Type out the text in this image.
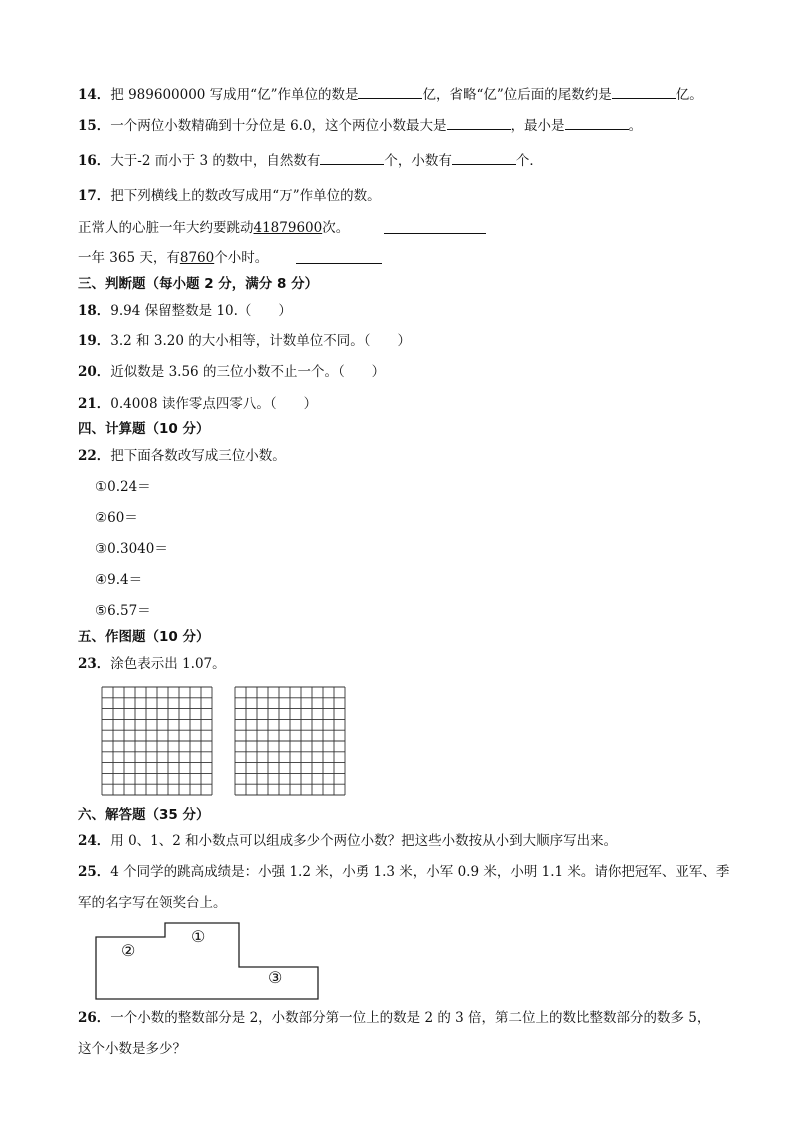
14．把 989600000 写成用“亿”作单位的数是	亿，省略“亿”位后面的尾数约是	亿。
15．一个两位小数精确到十分位是 6.0，这个两位小数最大是	，最小是	。
16．大于-2 而小于 3 的数中，自然数有	个，小数有	个．
17．把下列横线上的数改写成用“万”作单位的数。
正常人的心脏一年大约要跳动41879600次。
一年 365 天，有8760个小时。
三、判断题（每小题 2 分，满分 8 分）
18．9.94 保留整数是 10.（　　）
19．3.2 和 3.20 的大小相等，计数单位不同。（　　）
20．近似数是 3.56 的三位小数不止一个。（　　）
21．0.4008 读作零点四零八。（　　）
四、计算题（10 分）
22．把下面各数改写成三位小数。
①0.24＝
②60＝
③0.3040＝
④9.4＝
⑤6.57＝
五、作图题（10 分）
23．涂色表示出 1.07。
六、解答题（35 分）
24．用 0、1、2 和小数点可以组成多少个两位小数？把这些小数按从小到大顺序写出来。
25．4 个同学的跳高成绩是：小强 1.2 米，小勇 1.3 米，小军 0.9 米，小明 1.1 米。请你把冠军、亚军、季
军的名字写在领奖台上。
②
①
③
26．一个小数的整数部分是 2，小数部分第一位上的数是 2 的 3 倍，第二位上的数比整数部分的数多 5，
这个小数是多少？
